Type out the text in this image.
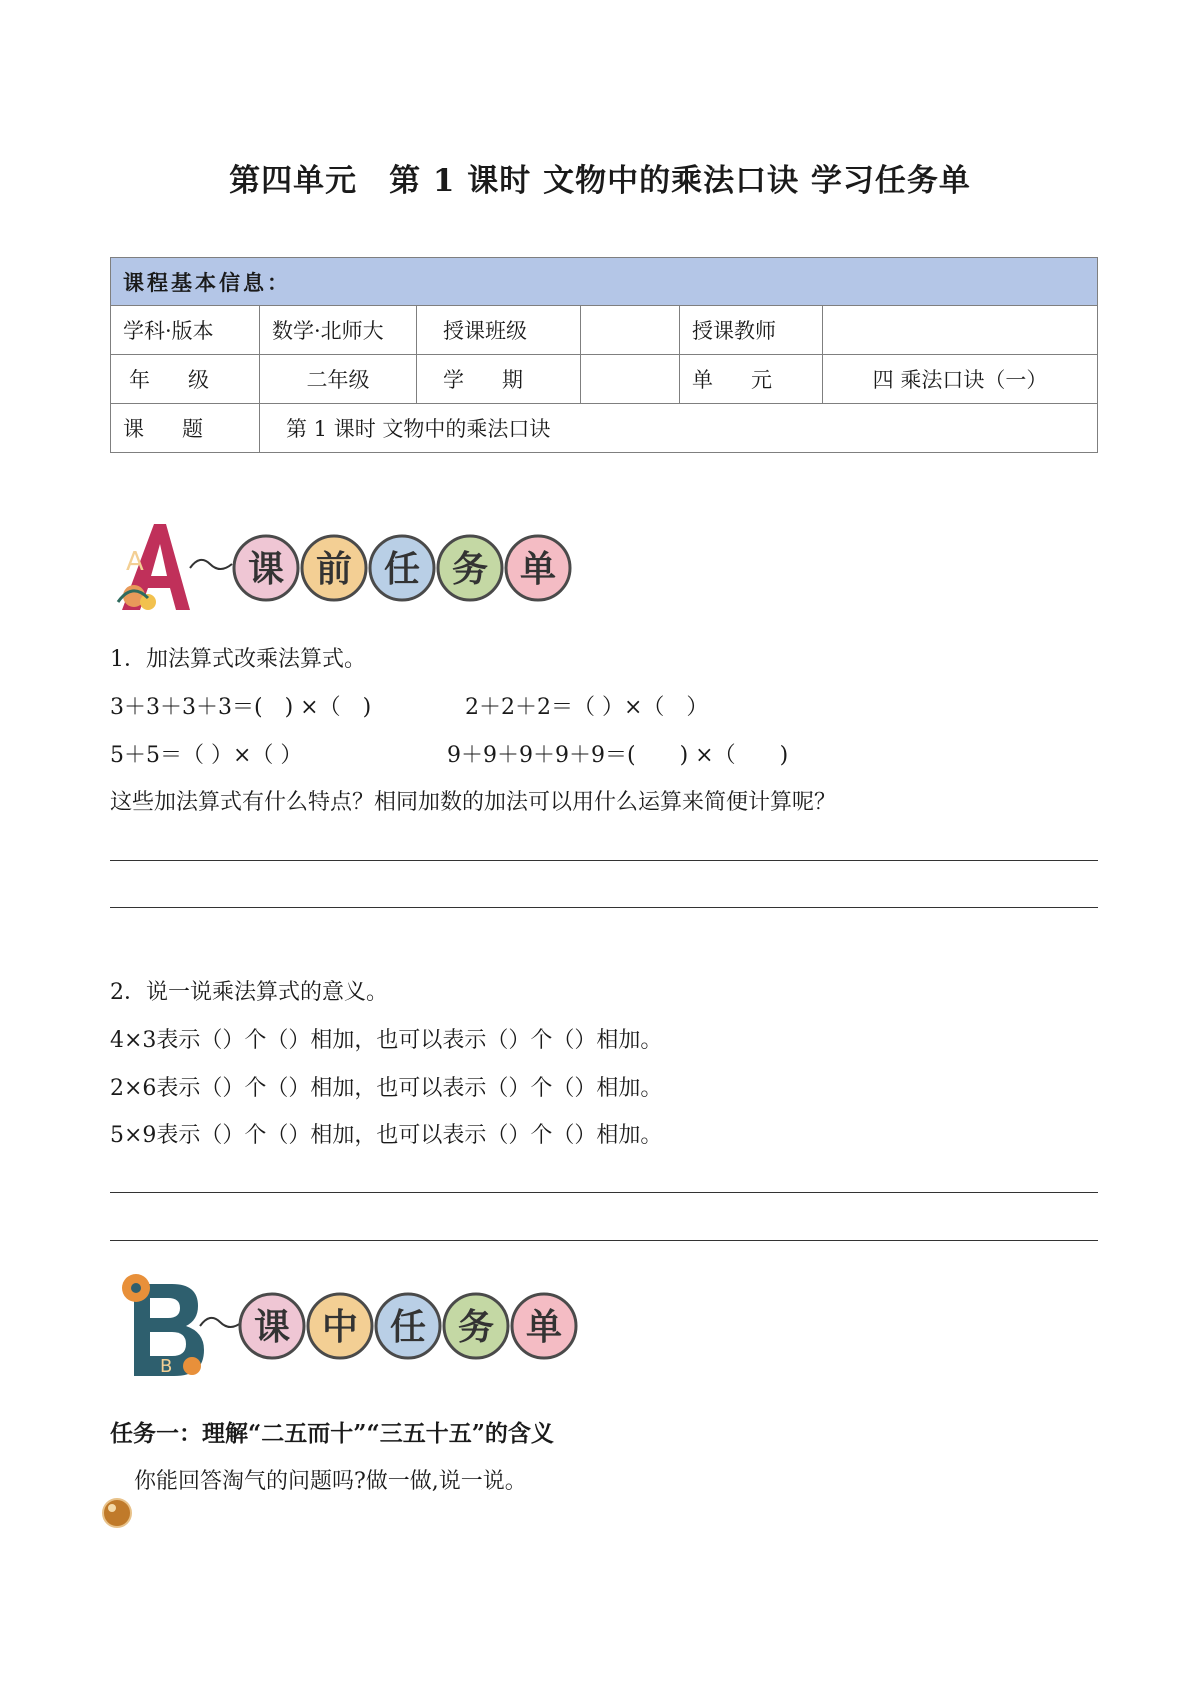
第四单元　第 1 课时 文物中的乘法口诀 学习任务单
课程基本信息：					
学科·版本	数学·北师大	授课班级		授课教师	
年级	二年级	学期		单元	四 乘法口诀（一）
课题	第 1 课时 文物中的乘法口诀				
A	课 前 任 务 单
1．加法算式改乘法算式。
3＋3＋3＋3＝(　) ×（　)	2＋2＋2＝（ ）×（　）
5＋5＝（ ）×（ ）	9＋9＋9＋9＋9＝(　　) ×（　　)
这些加法算式有什么特点？相同加数的加法可以用什么运算来简便计算呢？
2．说一说乘法算式的意义。
4×3表示（）个（）相加，也可以表示（）个（）相加。
2×6表示（）个（）相加，也可以表示（）个（）相加。
5×9表示（）个（）相加，也可以表示（）个（）相加。
B
课 中 任 务 单
任务一：理解“二五而十”“三五十五”的含义
你能回答淘气的问题吗?做一做,说一说。
